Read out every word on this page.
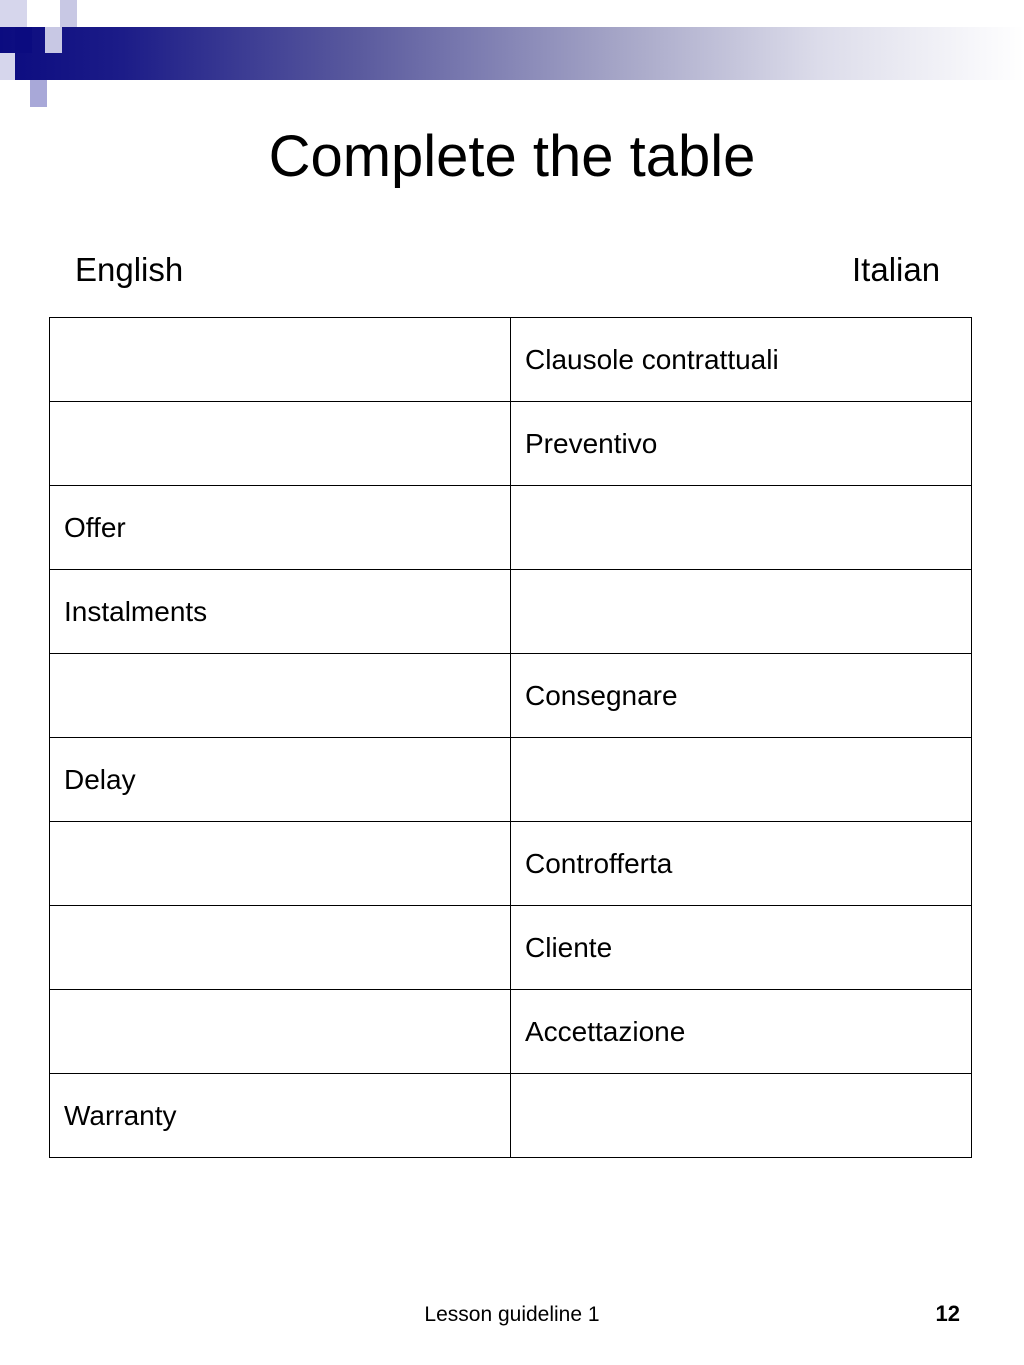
Complete the table
English	Italian
	Clausole contrattuali
	Preventivo
Offer	
Instalments	
	Consegnare
Delay	
	Controfferta
	Cliente
	Accettazione
Warranty	
Lesson guideline 1	12
